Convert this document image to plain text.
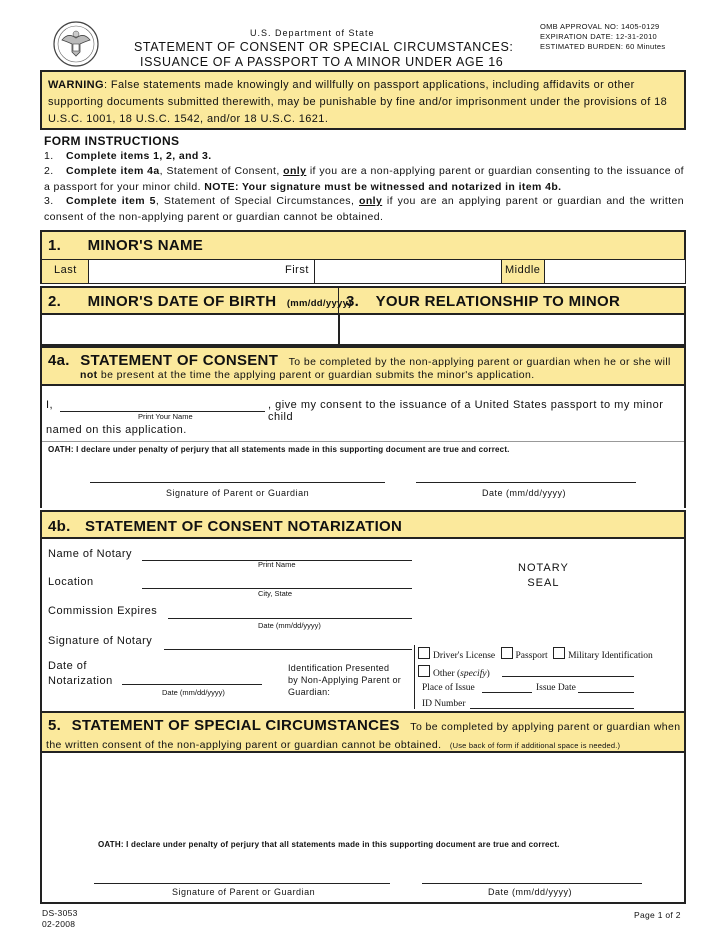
U.S. Department of State
STATEMENT OF CONSENT OR SPECIAL CIRCUMSTANCES:
ISSUANCE OF A PASSPORT TO A MINOR UNDER AGE 16
OMB APPROVAL NO: 1405-0129
EXPIRATION DATE: 12-31-2010
ESTIMATED BURDEN: 60 Minutes
WARNING: False statements made knowingly and willfully on passport applications, including affidavits or other supporting documents submitted therewith, may be punishable by fine and/or imprisonment under the provisions of 18 U.S.C. 1001, 18 U.S.C. 1542, and/or 18 U.S.C. 1621.
FORM INSTRUCTIONS
1. Complete items 1, 2, and 3.
2. Complete item 4a, Statement of Consent, only if you are a non-applying parent or guardian consenting to the issuance of a passport for your minor child. NOTE: Your signature must be witnessed and notarized in item 4b.
3. Complete item 5, Statement of Special Circumstances, only if you are an applying parent or guardian and the written consent of the non-applying parent or guardian cannot be obtained.
1. MINOR'S NAME
Last	First	Middle
2. MINOR'S DATE OF BIRTH (mm/dd/yyyy)
3. YOUR RELATIONSHIP TO MINOR
4a. STATEMENT OF CONSENT To be completed by the non-applying parent or guardian when he or she will
not be present at the time the applying parent or guardian submits the minor's application.
I,	, give my consent to the issuance of a United States passport to my minor child
Print Your Name
named on this application.
OATH: I declare under penalty of perjury that all statements made in this supporting document are true and correct.
Signature of Parent or Guardian	Date (mm/dd/yyyy)
4b. STATEMENT OF CONSENT NOTARIZATION
Name of Notary
Print Name
Location
City, State
Commission Expires
Date (mm/dd/yyyy)
Signature of Notary
Date of
Notarization
Date (mm/dd/yyyy)
Identification Presented
by Non-Applying Parent or
Guardian:
NOTARY
SEAL
Driver's License Passport Military Identification
Other (specify)
Place of Issue	Issue Date
ID Number
5. STATEMENT OF SPECIAL CIRCUMSTANCES To be completed by applying parent or guardian when
the written consent of the non-applying parent or guardian cannot be obtained. (Use back of form if additional space is needed.)
OATH: I declare under penalty of perjury that all statements made in this supporting document are true and correct.
Signature of Parent or Guardian	Date (mm/dd/yyyy)
DS-3053
02-2008
Page 1 of 2
